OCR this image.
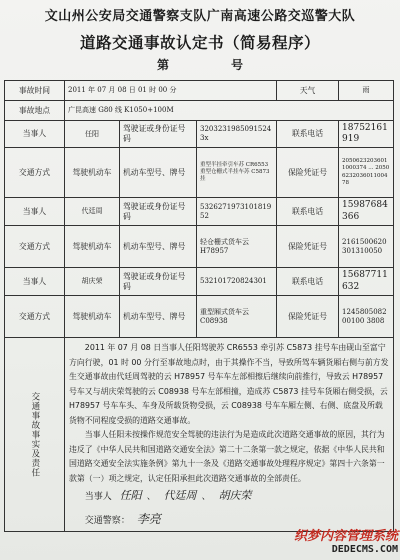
文山州公安局交通警察支队广南高速公路交巡警大队
道路交通事故认定书（简易程序）
第	号
事故时间	2011 年 07 月 08 日 01 时 00 分			天气	雨
事故地点	广昆高速 G80 线 K1050+100M				
当事人	任阳	驾驶证或身份证号码	32032319850915243x	联系电话	18752161919
交通方式	驾驶机动车	机动车型号、牌号	重型半挂牵引车苏 CR6553 重型仓栅式半挂车苏 C5873 挂	保险凭证号	20506232036011000374 ... 20506232036011004 78
当事人	代廷周	驾驶证或身份证号码	532627197310181952	联系电话	15987684366
交通方式	驾驶机动车	机动车型号、牌号	轻仓栅式货车云 H78957	保险凭证号	2161500620301310050
当事人	胡庆荣	驾驶证或身份证号码	532101720824301	联系电话	15687711632
交通方式	驾驶机动车	机动车型号、牌号	重型厢式货车云 C08938	保险凭证号	124580508200100 3808

交通事故事实及责任	2011 年 07 月 08 日当事人任阳驾驶苏 CR6553 牵引苏 C5873 挂号车由砚山至富宁方向行驶，01 时 00 分行至事故地点时，由于其操作不当，导致所驾车辆货厢右侧与前方发生交通事故由代廷周驾驶的云 H78957 号车车左部相擦后继续向前推行，导致云 H78957 号车又与胡庆荣驾驶的云 C08938 号车左部相撞，造成苏 C5873 挂号车货厢右侧受损，云 H78957 号车车头、车身及所载货物受损，云 C08938 号车车厢左侧、右侧、底盘及所载货物不同程度受损的道路交通事故。

当事人任阳未按操作规范安全驾驶的违法行为是造成此次道路交通事故的原因，其行为违反了《中华人民共和国道路交通安全法》第二十二条第一款之规定，依据《中华人民共和国道路交通安全法实施条例》第九十一条及《道路交通事故处理程序规定》第四十六条第一款第（一）项之规定，认定任阳承担此次道路交通事故的全部责任。

当事人 任阳 、 代廷周 、 胡庆荣
交通警察： 李亮				
织梦内容管理系统
DEDECMS.COM
